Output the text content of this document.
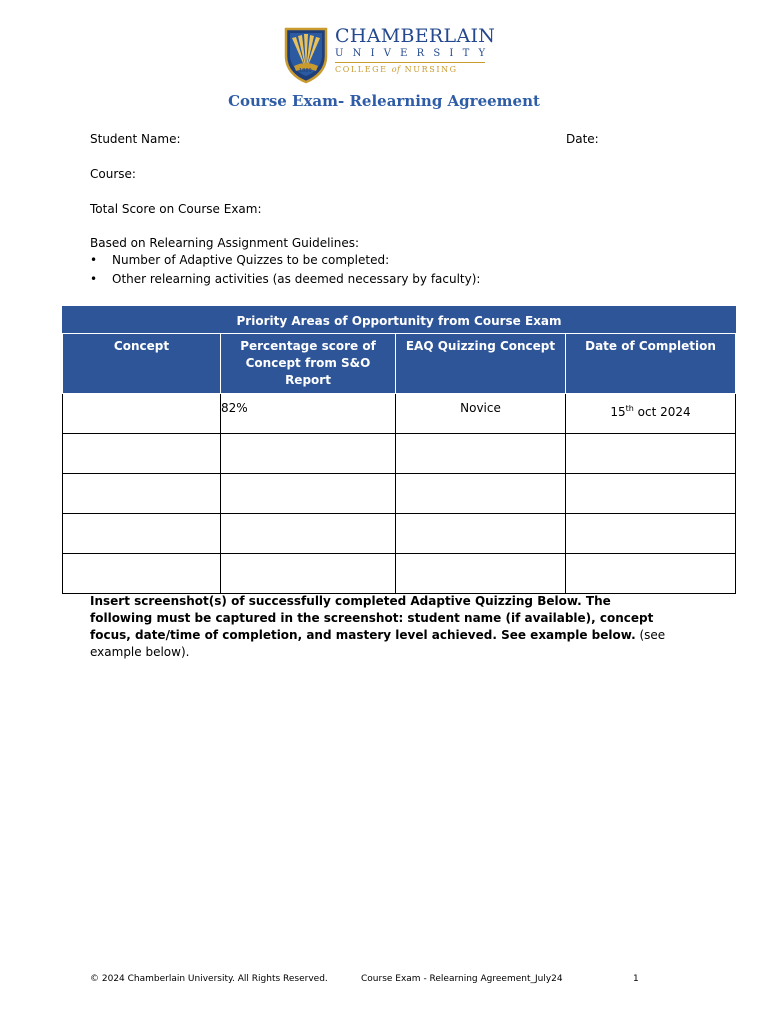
1889
CHAMBERLAIN
UNIVERSITY
COLLEGE of NURSING
Course Exam- Relearning Agreement
Student Name:	Date:
Course:
Total Score on Course Exam:
Based on Relearning Assignment Guidelines:
• Number of Adaptive Quizzes to be completed:
• Other relearning activities (as deemed necessary by faculty):
Priority Areas of Opportunity from Course Exam			
Concept	Percentage score of Concept from S&O Report	EAQ Quizzing Concept	Date of Completion

	82%	Novice	15th oct 2024

Insert screenshot(s) of successfully completed Adaptive Quizzing Below. The following must be captured in the screenshot: student name (if available), concept focus, date/time of completion, and mastery level achieved. See example below. (see example below).
© 2024 Chamberlain University. All Rights Reserved.	Course Exam - Relearning Agreement_July24	1
